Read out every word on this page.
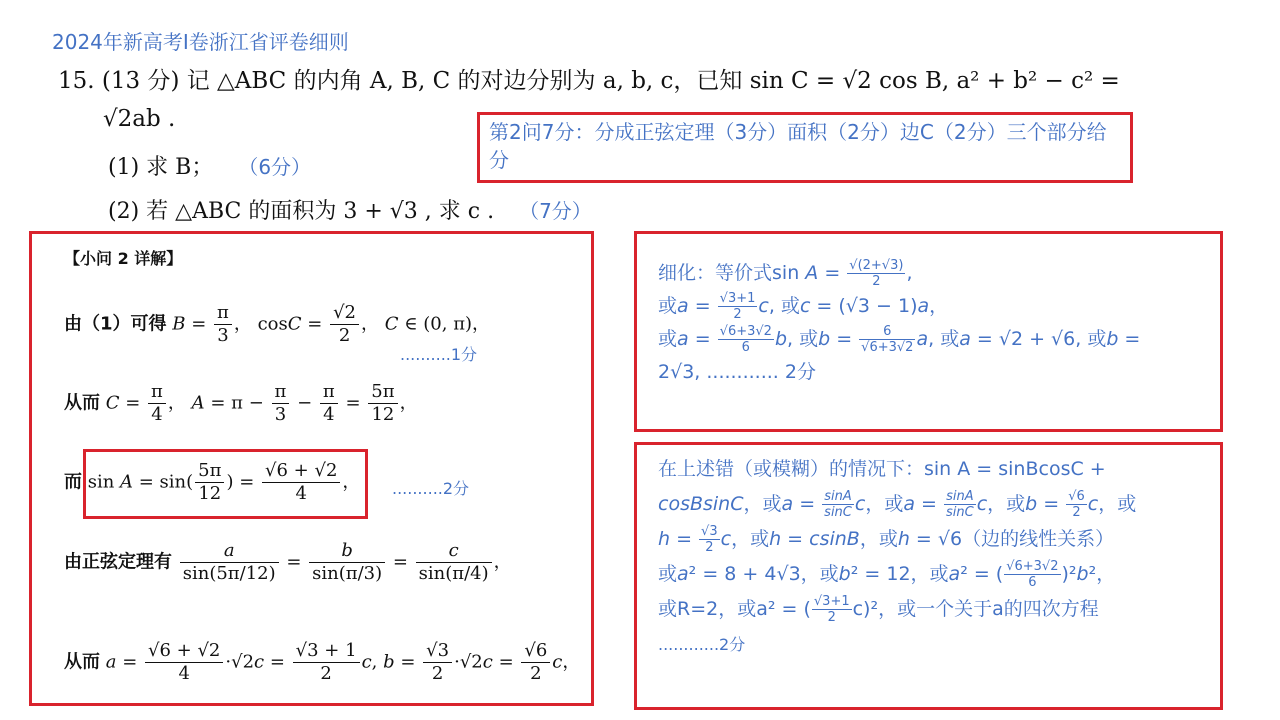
2024年新高考Ⅰ卷浙江省评卷细则
15. (13 分) 记 △ABC 的内角 A, B, C 的对边分别为 a, b, c，已知 sin C = √2 cos B, a² + b² − c² =
√2ab .
(1) 求 B； （6分）
(2) 若 △ABC 的面积为 3 + √3 , 求 c . （7分）
第2问7分：分成正弦定理（3分）面积（2分）边C（2分）三个部分给分
【小问 2 详解】
由（1）可得 $B = \frac{\pi}{3}$ ， $\cos C = \frac{√2}{2}$ ， C ∈ (0, π)，
..........1分
从而 $C = \frac{\pi}{4}$ ， $A = \pi - \frac{\pi}{3} - \frac{\pi}{4} = \frac{5\pi}{12}$ ，
而 $\sin A = \sin( \frac{5\pi}{12}$ ) = $\frac{√6 + √2}{4}$ ， ..........2分
由正弦定理有 $\frac{a}{\sin(5\pi/12)} = \frac{b}{\sin(\pi/3)} = \frac{c}{\sin(\pi/4)}$ ，
从而 $a = \frac{√6 + √2}{4} \cdot√2c = \frac{√3 + 1}{2} c$, $b = \frac{√3}{2} \cdot√2c = \frac{√6}{2}$ c，
细化：等价式$\sin A = \frac{√(2+√3)}{2}$ ,
或$a = \frac{√3+1}{2} c$, 或c = (√3 − 1)a，
或$a = \frac{√6+3√2}{6} b$, 或$b = \frac{6}{√6+3√2} a$, 或a = √2 + √6, 或b =
2√3, ............ 2分
在上述错（或模糊）的情况下：sin A = sinBcosC +
cosBsinC，或$a = \frac{\sin A}{\sin C}$ c，或$a = \frac{\sin A}{\sin C}$ c，或$b = \frac{√6}{2}$ c，或
$h = \frac{√3}{2}$ c，或h = csinB，或h = √6（边的线性关系）
或a² = 8 + 4√3，或b² = 12，或a² = ( $\frac{√6+3√2}{6} )^2b^2$，
或R=2，或a² = ( $\frac{√3+1}{2} c)^2$，或一个关于a的四次方程
............2分
